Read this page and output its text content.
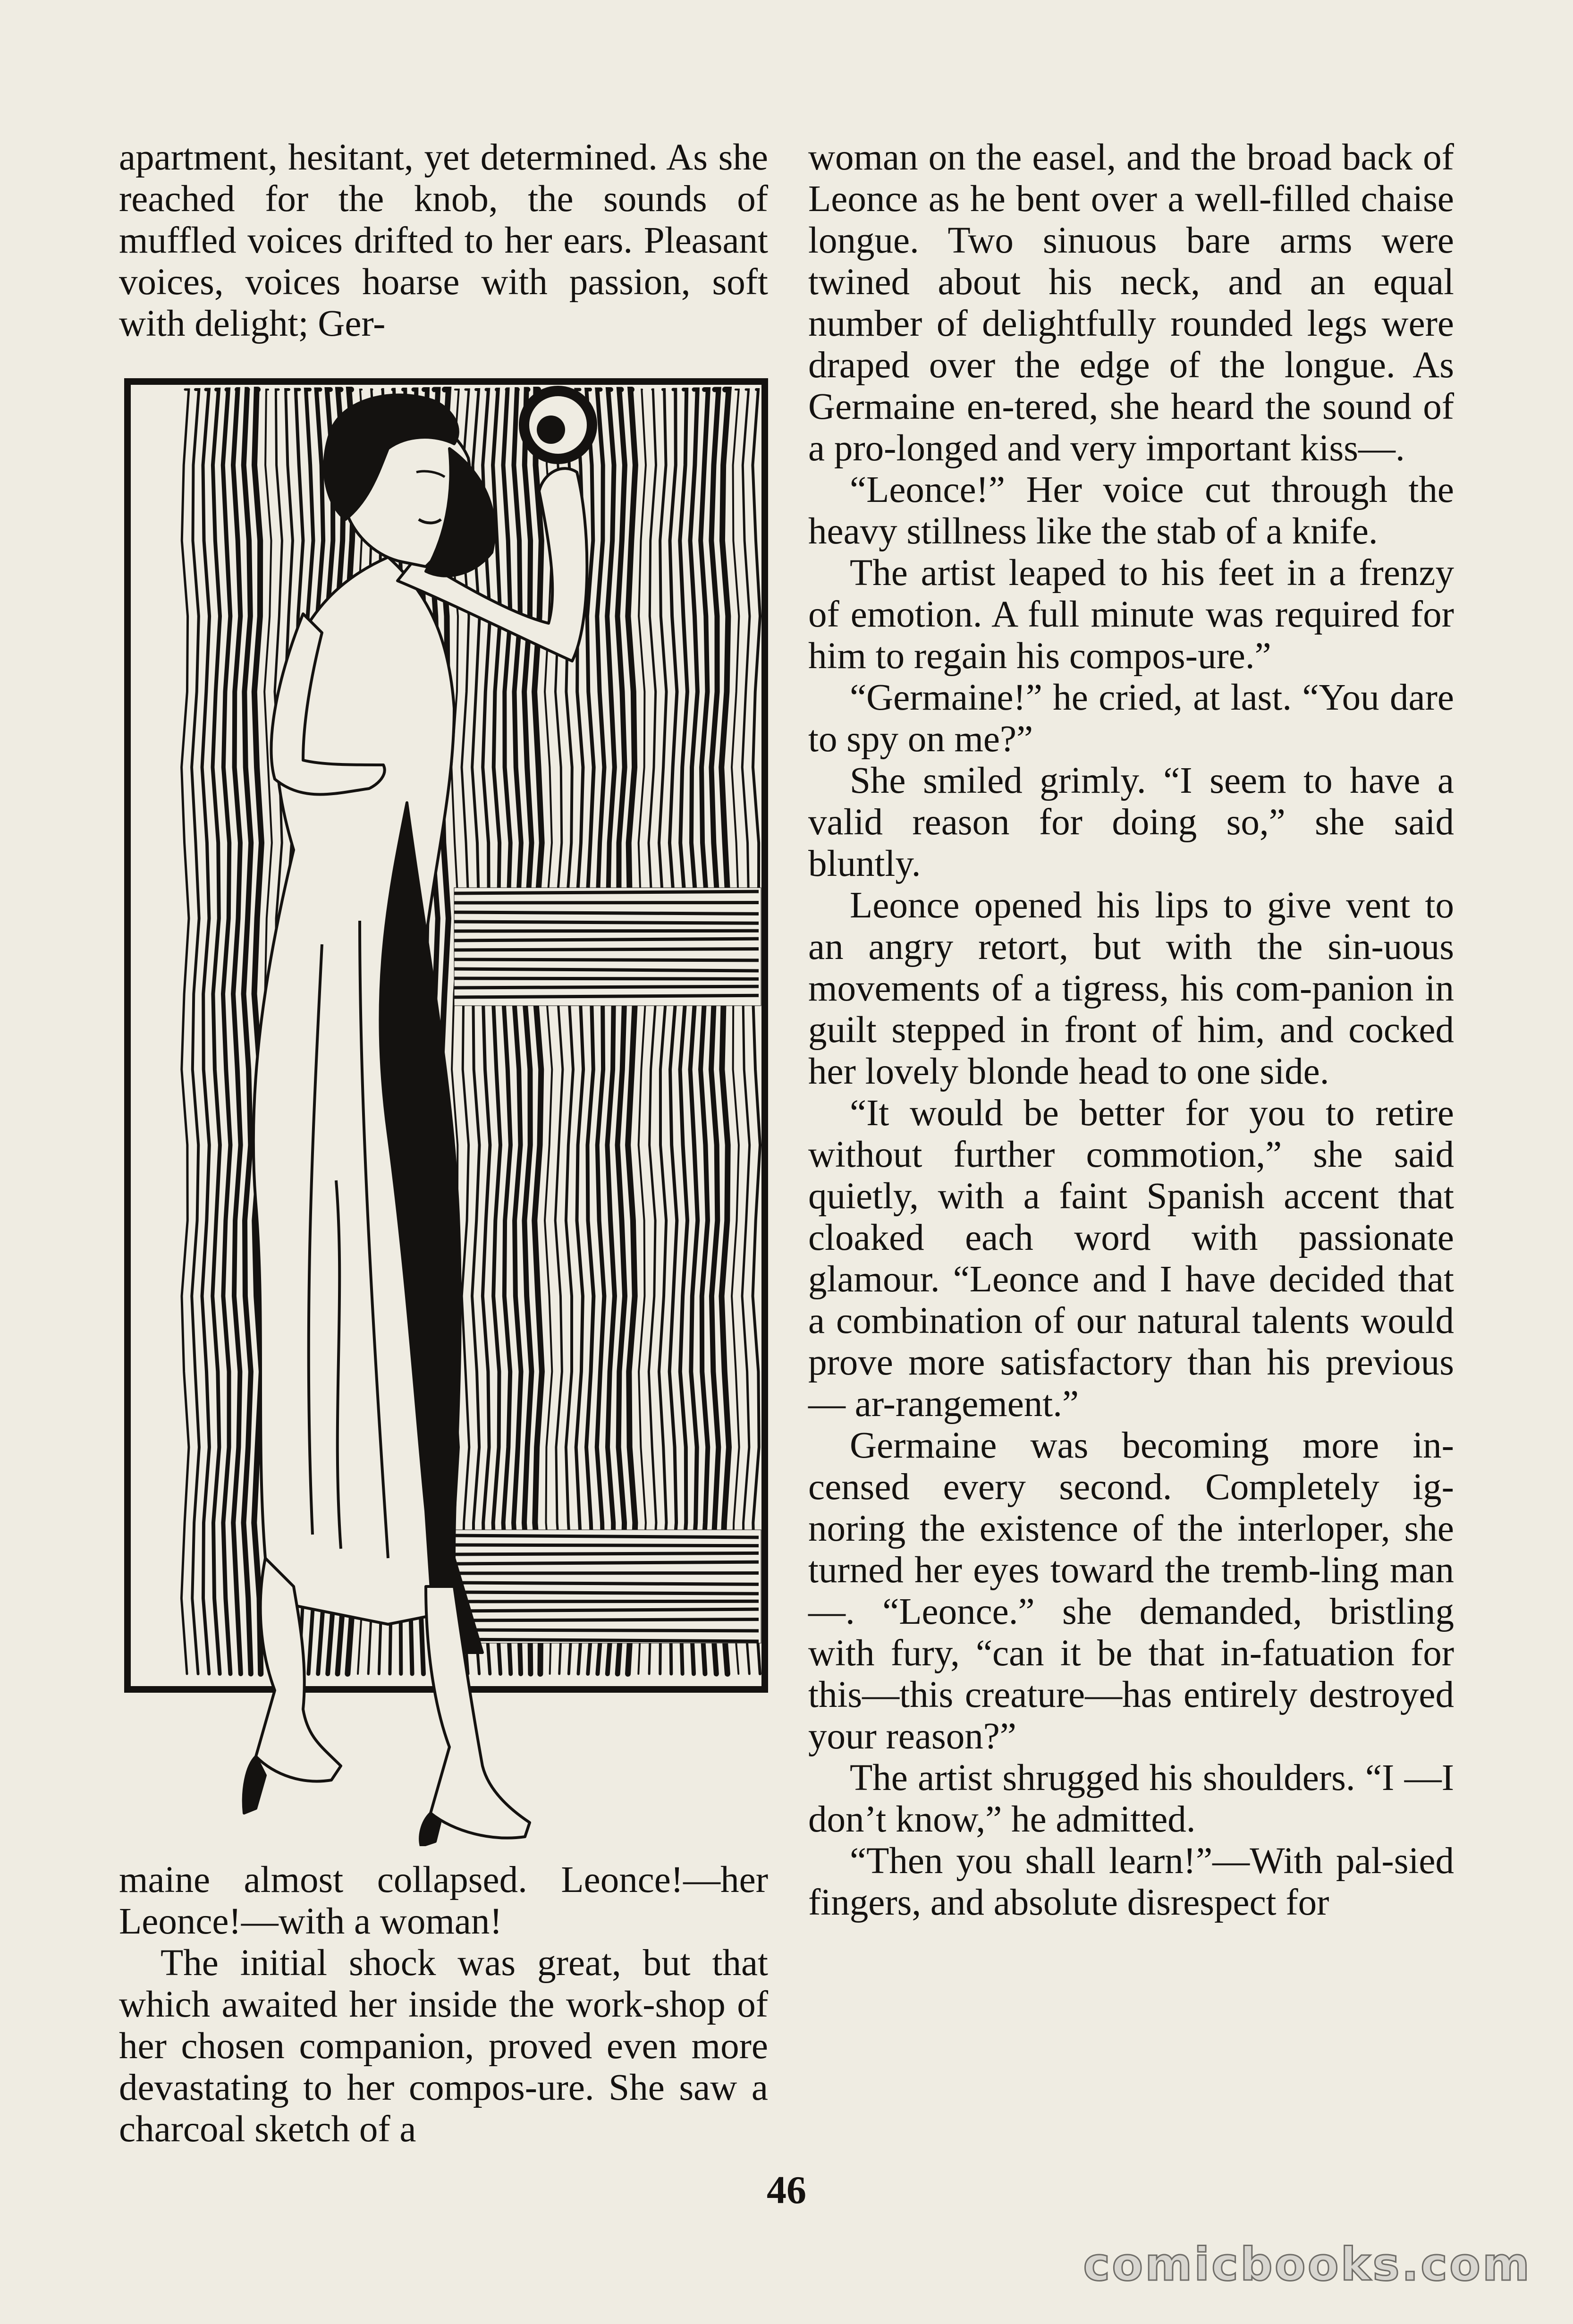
apartment, hesitant, yet determined. As she reached for the knob, the sounds of muffled voices drifted to her ears. Pleasant voices, voices hoarse with passion, soft with delight; Ger-

maine almost collapsed. Leonce!—her Leonce!—with a woman!

The initial shock was great, but that which awaited her inside the work-shop of her chosen companion, proved even more devastating to her compos-ure. She saw a charcoal sketch of a

woman on the easel, and the broad back of Leonce as he bent over a well-filled chaise longue. Two sinuous bare arms were twined about his neck, and an equal number of delightfully rounded legs were draped over the edge of the longue. As Germaine en-tered, she heard the sound of a pro-longed and very important kiss—.

“Leonce!” Her voice cut through the heavy stillness like the stab of a knife.

The artist leaped to his feet in a frenzy of emotion. A full minute was required for him to regain his compos-ure.”

“Germaine!” he cried, at last. “You dare to spy on me?”

She smiled grimly. “I seem to have a valid reason for doing so,” she said bluntly.

Leonce opened his lips to give vent to an angry retort, but with the sin-uous movements of a tigress, his com-panion in guilt stepped in front of him, and cocked her lovely blonde head to one side.

“It would be better for you to retire without further commotion,” she said quietly, with a faint Spanish accent that cloaked each word with passionate glamour. “Leonce and I have decided that a combination of our natural talents would prove more satisfactory than his previous — ar-rangement.”

Germaine was becoming more in-censed every second. Completely ig-noring the existence of the interloper, she turned her eyes toward the tremb-ling man—. “Leonce.” she demanded, bristling with fury, “can it be that in-fatuation for this—this creature—has entirely destroyed your reason?”

The artist shrugged his shoulders. “I —I don’t know,” he admitted.

“Then you shall learn!”—With pal-sied fingers, and absolute disrespect for

46
comicbooks.com
